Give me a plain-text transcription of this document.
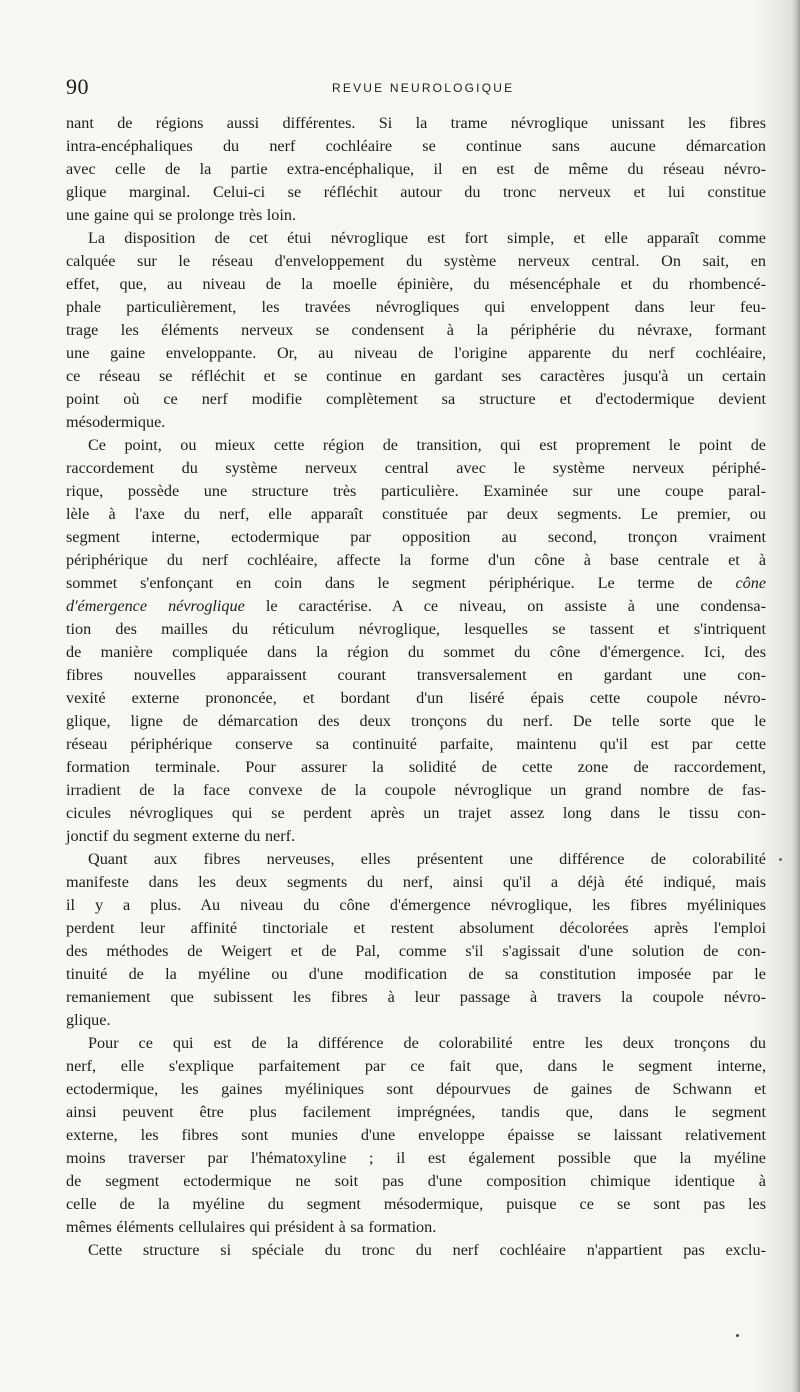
90	REVUE NEUROLOGIQUE
nant de régions aussi différentes. Si la trame névroglique unissant les fibres
intra-encéphaliques du nerf cochléaire se continue sans aucune démarcation
avec celle de la partie extra-encéphalique, il en est de même du réseau névro-
glique marginal. Celui-ci se réfléchit autour du tronc nerveux et lui constitue
une gaine qui se prolonge très loin.
La disposition de cet étui névroglique est fort simple, et elle apparaît comme
calquée sur le réseau d'enveloppement du système nerveux central. On sait, en
effet, que, au niveau de la moelle épinière, du mésencéphale et du rhombencé-
phale particulièrement, les travées névrogliques qui enveloppent dans leur feu-
trage les éléments nerveux se condensent à la périphérie du névraxe, formant
une gaine enveloppante. Or, au niveau de l'origine apparente du nerf cochléaire,
ce réseau se réfléchit et se continue en gardant ses caractères jusqu'à un certain
point où ce nerf modifie complètement sa structure et d'ectodermique devient
mésodermique.
Ce point, ou mieux cette région de transition, qui est proprement le point de
raccordement du système nerveux central avec le système nerveux périphé-
rique, possède une structure très particulière. Examinée sur une coupe paral-
lèle à l'axe du nerf, elle apparaît constituée par deux segments. Le premier, ou
segment interne, ectodermique par opposition au second, tronçon vraiment
périphérique du nerf cochléaire, affecte la forme d'un cône à base centrale et à
sommet s'enfonçant en coin dans le segment périphérique. Le terme de cône
d'émergence névroglique le caractérise. A ce niveau, on assiste à une condensa-
tion des mailles du réticulum névroglique, lesquelles se tassent et s'intriquent
de manière compliquée dans la région du sommet du cône d'émergence. Ici, des
fibres nouvelles apparaissent courant transversalement en gardant une con-
vexité externe prononcée, et bordant d'un liséré épais cette coupole névro-
glique, ligne de démarcation des deux tronçons du nerf. De telle sorte que le
réseau périphérique conserve sa continuité parfaite, maintenu qu'il est par cette
formation terminale. Pour assurer la solidité de cette zone de raccordement,
irradient de la face convexe de la coupole névroglique un grand nombre de fas-
cicules névrogliques qui se perdent après un trajet assez long dans le tissu con-
jonctif du segment externe du nerf.
Quant aux fibres nerveuses, elles présentent une différence de colorabilité
manifeste dans les deux segments du nerf, ainsi qu'il a déjà été indiqué, mais
il y a plus. Au niveau du cône d'émergence névroglique, les fibres myéliniques
perdent leur affinité tinctoriale et restent absolument décolorées après l'emploi
des méthodes de Weigert et de Pal, comme s'il s'agissait d'une solution de con-
tinuité de la myéline ou d'une modification de sa constitution imposée par le
remaniement que subissent les fibres à leur passage à travers la coupole névro-
glique.
Pour ce qui est de la différence de colorabilité entre les deux tronçons du
nerf, elle s'explique parfaitement par ce fait que, dans le segment interne,
ectodermique, les gaines myéliniques sont dépourvues de gaines de Schwann et
ainsi peuvent être plus facilement imprégnées, tandis que, dans le segment
externe, les fibres sont munies d'une enveloppe épaisse se laissant relativement
moins traverser par l'hématoxyline ; il est également possible que la myéline
de segment ectodermique ne soit pas d'une composition chimique identique à
celle de la myéline du segment mésodermique, puisque ce se sont pas les
mêmes éléments cellulaires qui président à sa formation.
Cette structure si spéciale du tronc du nerf cochléaire n'appartient pas exclu-
